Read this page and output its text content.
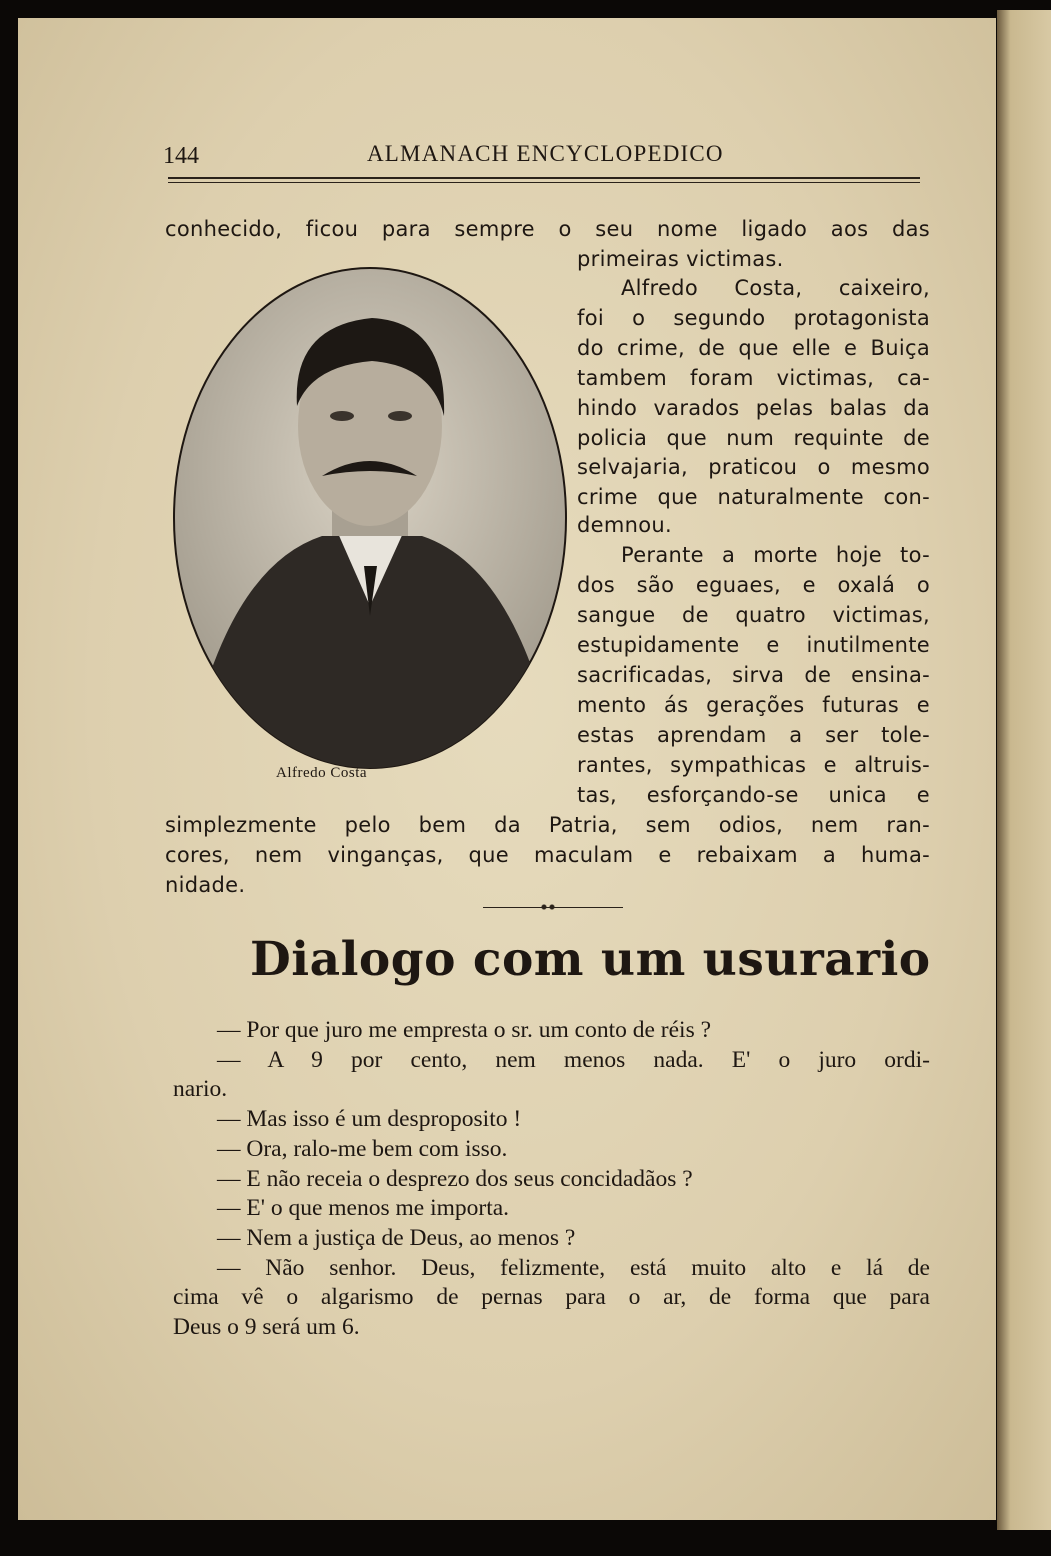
144	ALMANACH ENCYCLOPEDICO
conhecido, ficou para sempre o seu nome ligado aos das
primeiras victimas.
Alfredo Costa, caixeiro,
foi o segundo protagonista
do crime, de que elle e Buiça
tambem foram victimas, ca-
hindo varados pelas balas da
policia que num requinte de
selvajaria, praticou o mesmo
crime que naturalmente con-
demnou.
Perante a morte hoje to-
dos são eguaes, e oxalá o
sangue de quatro victimas,
estupidamente e inutilmente
sacrificadas, sirva de ensina-
mento ás gerações futuras e
estas aprendam a ser tole-
rantes, sympathicas e altruis-
tas, esforçando-se unica e
simplezmente pelo bem da Patria, sem odios, nem ran-
cores, nem vinganças, que maculam e rebaixam a huma-
nidade.
Alfredo Costa
Dialogo com um usurario
— Por que juro me empresta o sr. um conto de réis ?
— A 9 por cento, nem menos nada. E' o juro ordi-
nario.
— Mas isso é um desproposito !
— Ora, ralo-me bem com isso.
— E não receia o desprezo dos seus concidadãos ?
— E' o que menos me importa.
— Nem a justiça de Deus, ao menos ?
— Não senhor. Deus, felizmente, está muito alto e lá de
cima vê o algarismo de pernas para o ar, de forma que para
Deus o 9 será um 6.
